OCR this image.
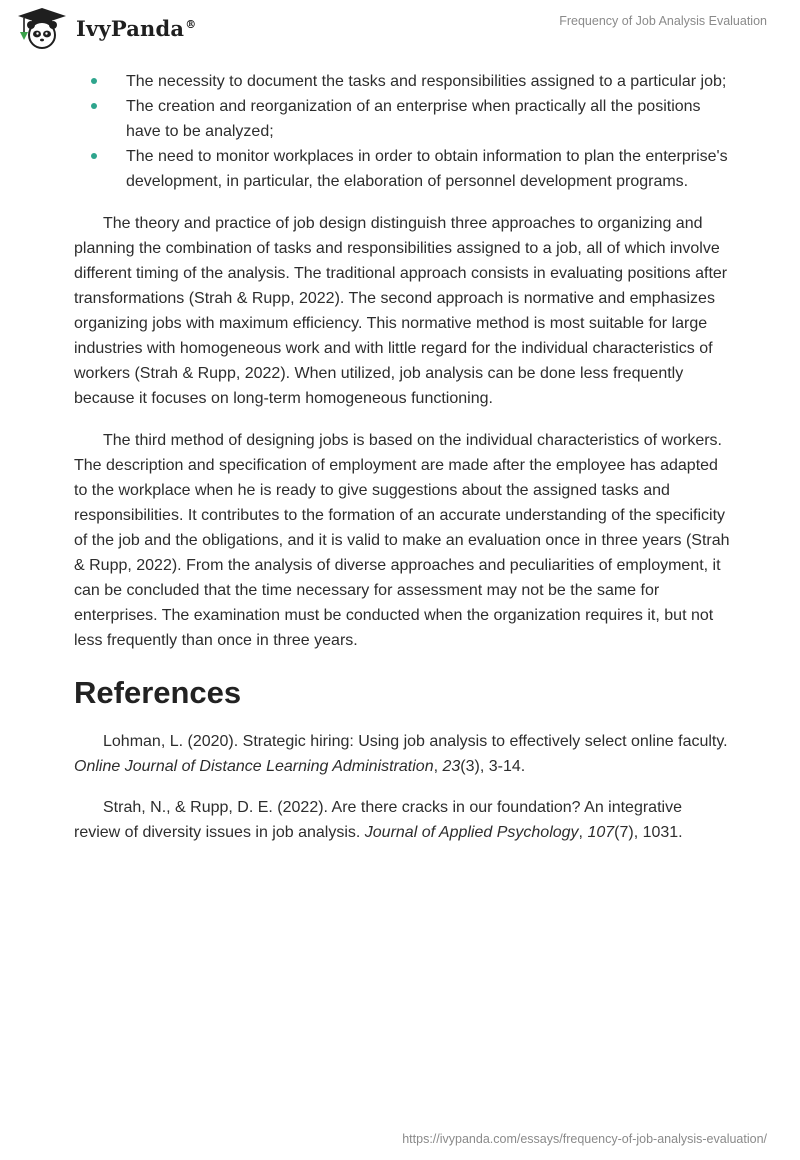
IvyPanda®	Frequency of Job Analysis Evaluation
The necessity to document the tasks and responsibilities assigned to a particular job;
The creation and reorganization of an enterprise when practically all the positions have to be analyzed;
The need to monitor workplaces in order to obtain information to plan the enterprise's development, in particular, the elaboration of personnel development programs.

The theory and practice of job design distinguish three approaches to organizing and planning the combination of tasks and responsibilities assigned to a job, all of which involve different timing of the analysis. The traditional approach consists in evaluating positions after transformations (Strah & Rupp, 2022). The second approach is normative and emphasizes organizing jobs with maximum efficiency. This normative method is most suitable for large industries with homogeneous work and with little regard for the individual characteristics of workers (Strah & Rupp, 2022). When utilized, job analysis can be done less frequently because it focuses on long-term homogeneous functioning.

The third method of designing jobs is based on the individual characteristics of workers. The description and specification of employment are made after the employee has adapted to the workplace when he is ready to give suggestions about the assigned tasks and responsibilities. It contributes to the formation of an accurate understanding of the specificity of the job and the obligations, and it is valid to make an evaluation once in three years (Strah & Rupp, 2022). From the analysis of diverse approaches and peculiarities of employment, it can be concluded that the time necessary for assessment may not be the same for enterprises. The examination must be conducted when the organization requires it, but not less frequently than once in three years.

References

Lohman, L. (2020). Strategic hiring: Using job analysis to effectively select online faculty. Online Journal of Distance Learning Administration, 23(3), 3-14.

Strah, N., & Rupp, D. E. (2022). Are there cracks in our foundation? An integrative review of diversity issues in job analysis. Journal of Applied Psychology, 107(7), 1031.

https://ivypanda.com/essays/frequency-of-job-analysis-evaluation/
